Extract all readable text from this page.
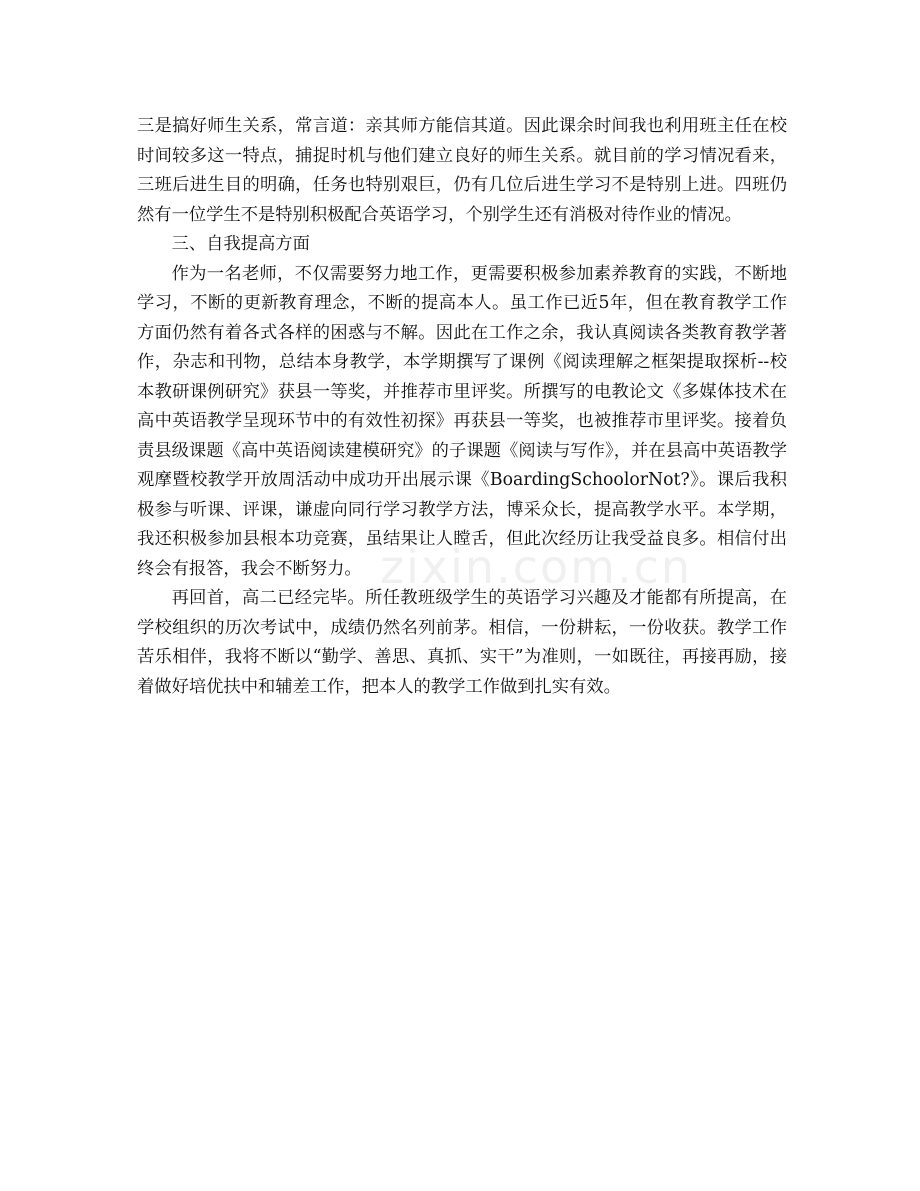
三是搞好师生关系，常言道：亲其师方能信其道。因此课余时间我也利用班主任在校时间较多这一特点，捕捉时机与他们建立良好的师生关系。就目前的学习情况看来，三班后进生目的明确，任务也特别艰巨，仍有几位后进生学习不是特别上进。四班仍然有一位学生不是特别积极配合英语学习，个别学生还有消极对待作业的情况。

三、自我提高方面

作为一名老师，不仅需要努力地工作，更需要积极参加素养教育的实践，不断地学习，不断的更新教育理念，不断的提高本人。虽工作已近5年，但在教育教学工作方面仍然有着各式各样的困惑与不解。因此在工作之余，我认真阅读各类教育教学著作，杂志和刊物，总结本身教学，本学期撰写了课例《阅读理解之框架提取探析--校本教研课例研究》获县一等奖，并推荐市里评奖。所撰写的电教论文《多媒体技术在高中英语教学呈现环节中的有效性初探》再获县一等奖，也被推荐市里评奖。接着负责县级课题《高中英语阅读建模研究》的子课题《阅读与写作》，并在县高中英语教学观摩暨校教学开放周活动中成功开出展示课《BoardingSchoolorNot?》。课后我积极参与听课、评课，谦虚向同行学习教学方法，博采众长，提高教学水平。本学期，我还积极参加县根本功竞赛，虽结果让人瞠舌，但此次经历让我受益良多。相信付出终会有报答，我会不断努力。

再回首，高二已经完毕。所任教班级学生的英语学习兴趣及才能都有所提高，在学校组织的历次考试中，成绩仍然名列前茅。相信，一份耕耘，一份收获。教学工作苦乐相伴，我将不断以“勤学、善思、真抓、实干”为准则，一如既往，再接再励，接着做好培优扶中和辅差工作，把本人的教学工作做到扎实有效。

zixin.com.cn
